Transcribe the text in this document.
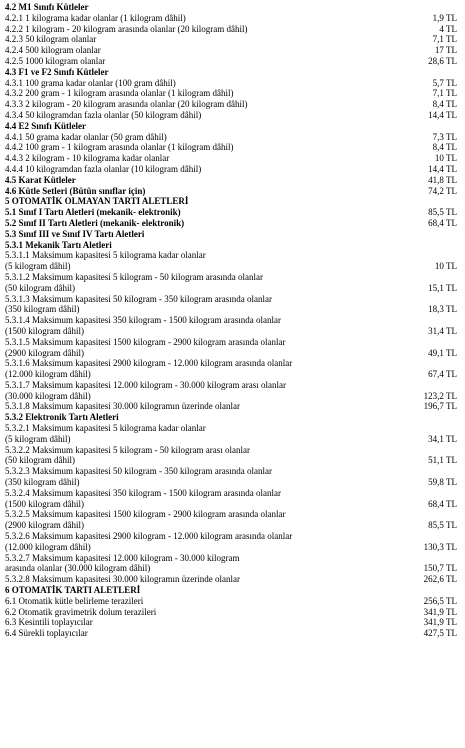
4.2 M1 Sınıfı Kütleler
4.2.1 1 kilograma kadar olanlar (1 kilogram dâhil)	1,9 TL
4.2.2 1 kilogram - 20 kilogram arasında olanlar (20 kilogram dâhil)	4 TL
4.2.3 50 kilogram olanlar	7,1 TL
4.2.4 500 kilogram olanlar	17 TL
4.2.5 1000 kilogram olanlar	28,6 TL
4.3 F1 ve F2 Sınıfı Kütleler
4.3.1 100 grama kadar olanlar (100 gram dâhil)	5,7 TL
4.3.2 200 gram - 1 kilogram arasında olanlar (1 kilogram dâhil)	7,1 TL
4.3.3 2 kilogram - 20 kilogram arasında olanlar (20 kilogram dâhil)	8,4 TL
4.3.4 50 kilogramdan fazla olanlar (50 kilogram dâhil)	14,4 TL
4.4 E2 Sınıfı Kütleler
4.4.1 50 grama kadar olanlar (50 gram dâhil)	7,3 TL
4.4.2 100 gram - 1 kilogram arasında olanlar (1 kilogram dâhil)	8,4 TL
4.4.3 2 kilogram - 10 kilograma kadar olanlar	10 TL
4.4.4 10 kilogramdan fazla olanlar (10 kilogram dâhil)	14,4 TL
4.5 Karat Kütleler	41,8 TL
4.6 Kütle Setleri (Bütün sınıflar için)	74,2 TL
5 OTOMATİK OLMAYAN TARTI ALETLERİ
5.1 Sınıf I Tartı Aletleri (mekanik- elektronik)	85,5 TL
5.2 Sınıf II Tartı Aletleri (mekanik- elektronik)	68,4 TL
5.3 Sınıf III ve Sınıf IV Tartı Aletleri
5.3.1 Mekanik Tartı Aletleri
5.3.1.1 Maksimum kapasitesi 5 kilograma kadar olanlar
(5 kilogram dâhil)	10 TL
5.3.1.2 Maksimum kapasitesi 5 kilogram - 50 kilogram arasında olanlar
(50 kilogram dâhil)	15,1 TL
5.3.1.3 Maksimum kapasitesi 50 kilogram - 350 kilogram arasında olanlar
(350 kilogram dâhil)	18,3 TL
5.3.1.4 Maksimum kapasitesi 350 kilogram - 1500 kilogram arasında olanlar
(1500 kilogram dâhil)	31,4 TL
5.3.1.5 Maksimum kapasitesi 1500 kilogram - 2900 kilogram arasında olanlar
(2900 kilogram dâhil)	49,1 TL
5.3.1.6 Maksimum kapasitesi 2900 kilogram - 12.000 kilogram arasında olanlar
(12.000 kilogram dâhil)	67,4 TL
5.3.1.7 Maksimum kapasitesi 12.000 kilogram - 30.000 kilogram arası olanlar
(30.000 kilogram dâhil)	123,2 TL
5.3.1.8 Maksimum kapasitesi 30.000 kilogramın üzerinde olanlar	196,7 TL
5.3.2 Elektronik Tartı Aletleri
5.3.2.1 Maksimum kapasitesi 5 kilograma kadar olanlar
(5 kilogram dâhil)	34,1 TL
5.3.2.2 Maksimum kapasitesi 5 kilogram - 50 kilogram arası olanlar
(50 kilogram dâhil)	51,1 TL
5.3.2.3 Maksimum kapasitesi 50 kilogram - 350 kilogram arasında olanlar
(350 kilogram dâhil)	59,8 TL
5.3.2.4 Maksimum kapasitesi 350 kilogram - 1500 kilogram arasında olanlar
(1500 kilogram dâhil)	68,4 TL
5.3.2.5 Maksimum kapasitesi 1500 kilogram - 2900 kilogram arasında olanlar
(2900 kilogram dâhil)	85,5 TL
5.3.2.6 Maksimum kapasitesi 2900 kilogram - 12.000 kilogram arasında olanlar
(12.000 kilogram dâhil)	130,3 TL
5.3.2.7 Maksimum kapasitesi 12.000 kilogram - 30.000 kilogram
arasında olanlar (30.000 kilogram dâhil)	150,7 TL
5.3.2.8 Maksimum kapasitesi 30.000 kilogramın üzerinde olanlar	262,6 TL
6 OTOMATİK TARTI ALETLERİ
6.1 Otomatik kütle belirleme terazileri	256,5 TL
6.2 Otomatik gravimetrik dolum terazileri	341,9 TL
6.3 Kesintili toplayıcılar	341,9 TL
6.4 Sürekli toplayıcılar	427,5 TL
